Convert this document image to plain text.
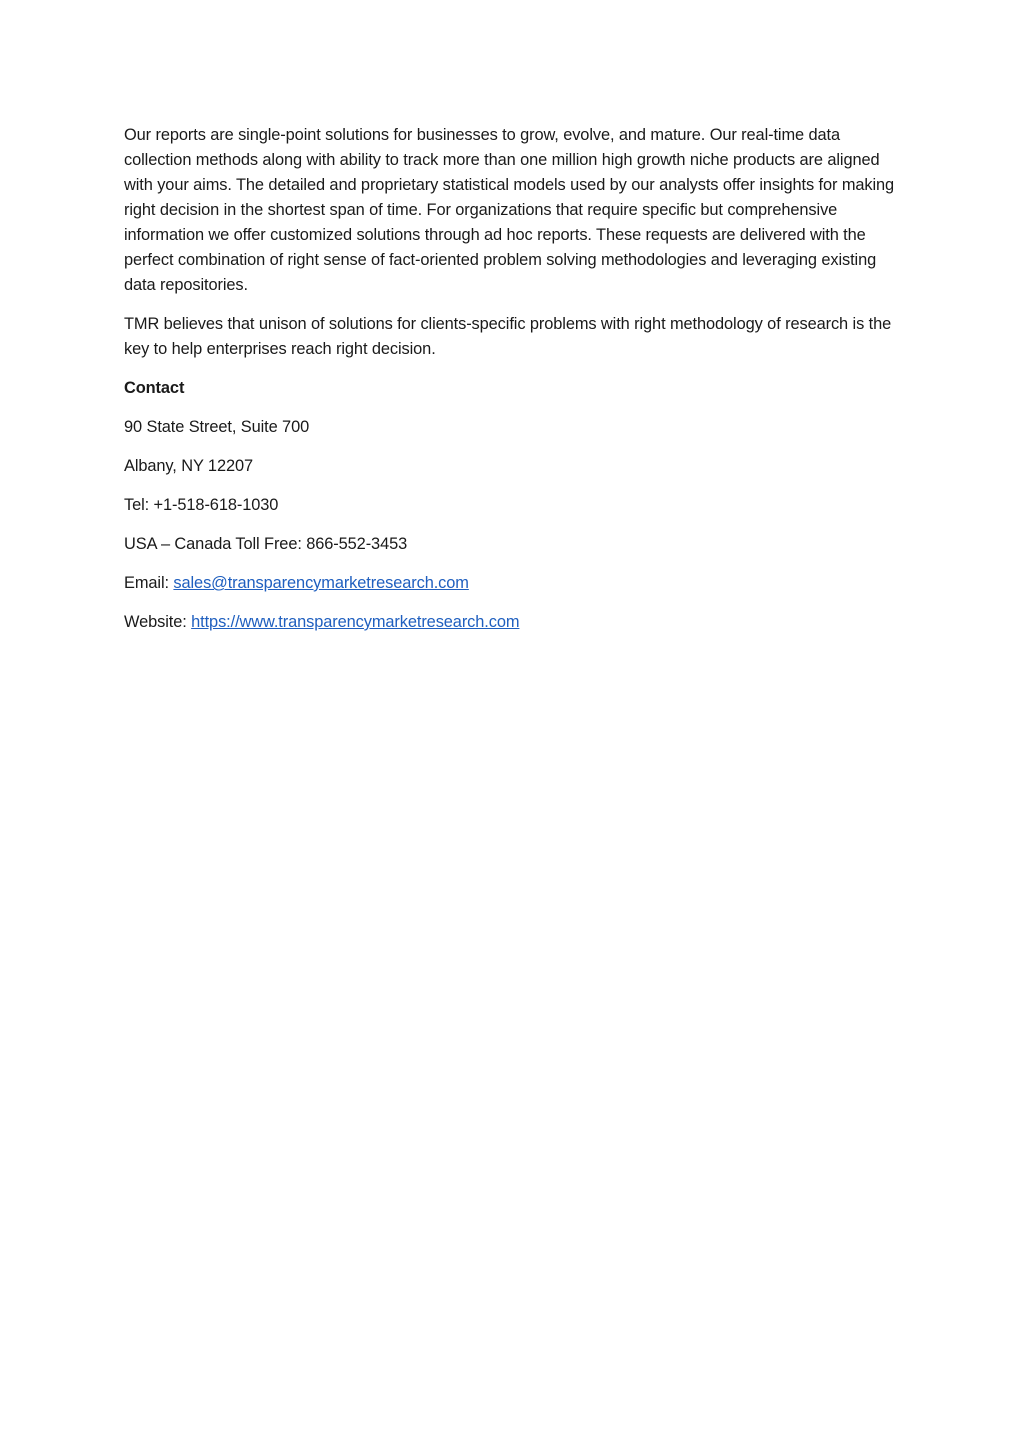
Our reports are single-point solutions for businesses to grow, evolve, and mature. Our real-time data collection methods along with ability to track more than one million high growth niche products are aligned with your aims. The detailed and proprietary statistical models used by our analysts offer insights for making right decision in the shortest span of time. For organizations that require specific but comprehensive information we offer customized solutions through ad hoc reports. These requests are delivered with the perfect combination of right sense of fact-oriented problem solving methodologies and leveraging existing data repositories.

TMR believes that unison of solutions for clients-specific problems with right methodology of research is the key to help enterprises reach right decision.

Contact

90 State Street, Suite 700

Albany, NY 12207

Tel: +1-518-618-1030

USA – Canada Toll Free: 866-552-3453

Email: sales@transparencymarketresearch.com

Website: https://www.transparencymarketresearch.com
